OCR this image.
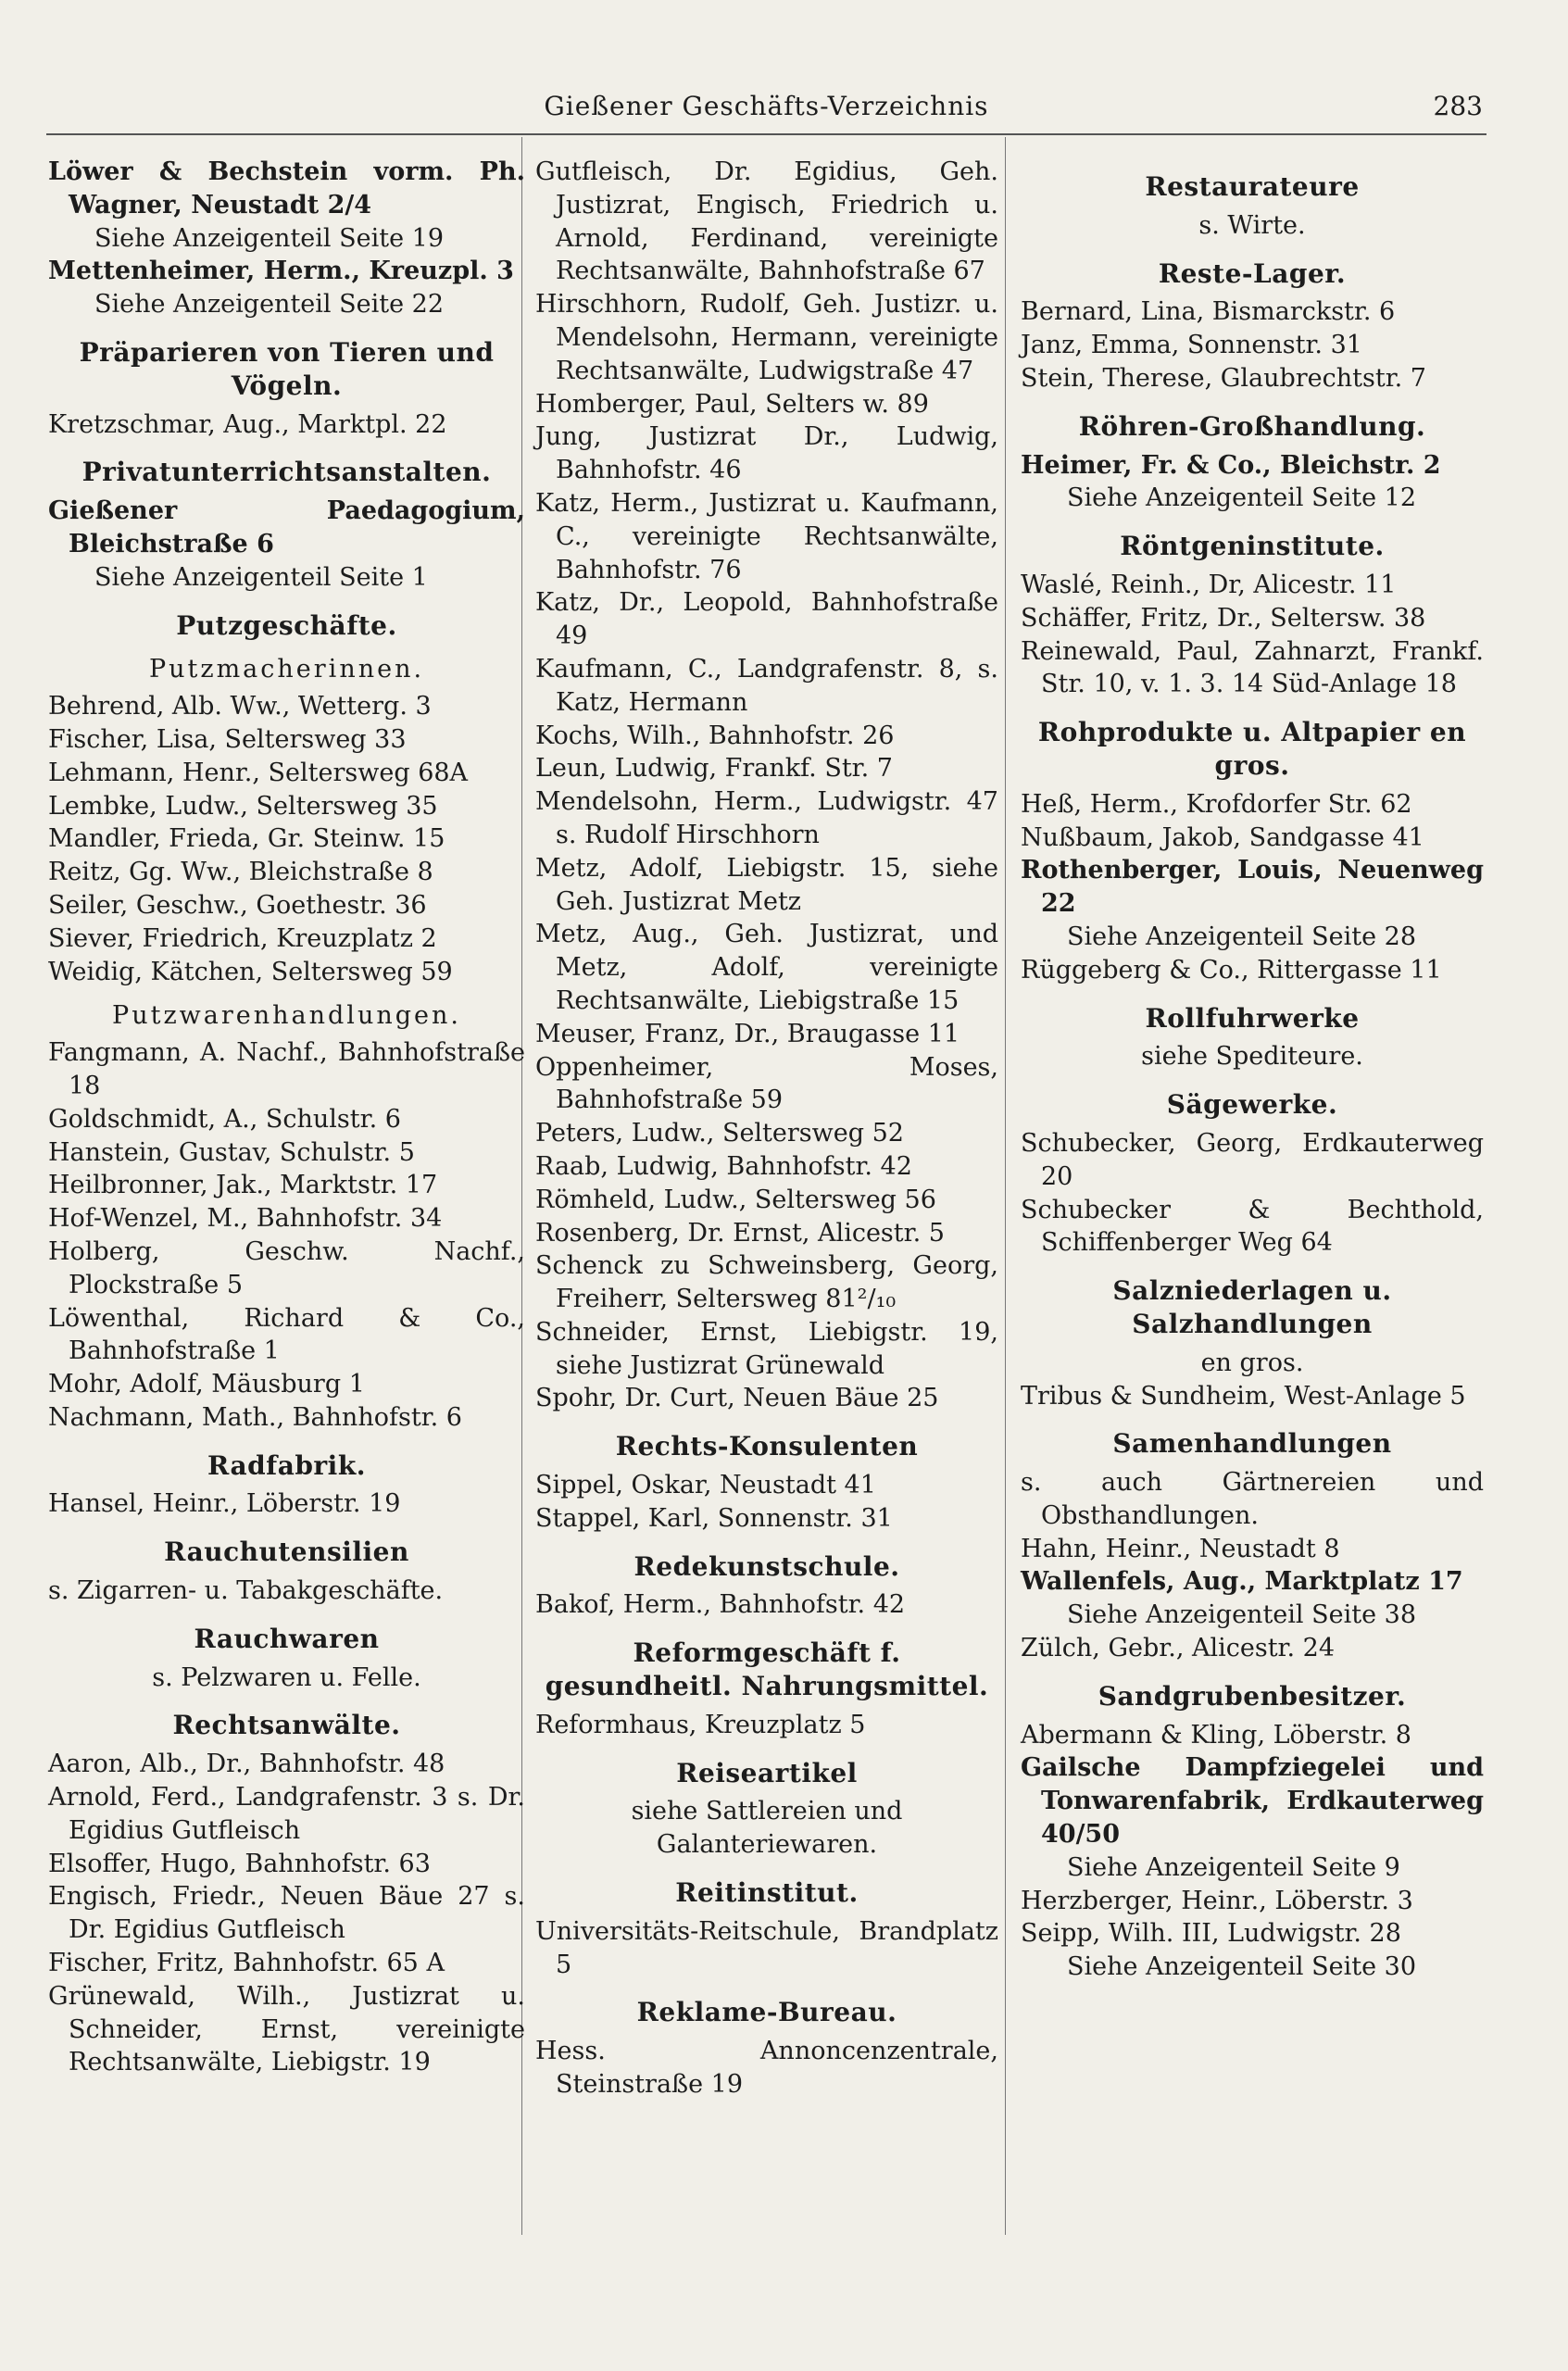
Gießener Geschäfts-Verzeichnis	283

Löwer & Bechstein vorm. Ph. Wagner, Neustadt 2/4

Siehe Anzeigenteil Seite 19

Mettenheimer, Herm., Kreuzpl. 3

Siehe Anzeigenteil Seite 22

Präparieren von Tieren und Vögeln.

Kretzschmar, Aug., Marktpl. 22

Privatunterrichtsanstalten.

Gießener Paedagogium, Bleichstraße 6

Siehe Anzeigenteil Seite 1

Putzgeschäfte.

Putzmacherinnen.

Behrend, Alb. Ww., Wetterg. 3

Fischer, Lisa, Seltersweg 33

Lehmann, Henr., Seltersweg 68A

Lembke, Ludw., Seltersweg 35

Mandler, Frieda, Gr. Steinw. 15

Reitz, Gg. Ww., Bleichstraße 8

Seiler, Geschw., Goethestr. 36

Siever, Friedrich, Kreuzplatz 2

Weidig, Kätchen, Seltersweg 59

Putzwarenhandlungen.

Fangmann, A. Nachf., Bahnhofstraße 18

Goldschmidt, A., Schulstr. 6

Hanstein, Gustav, Schulstr. 5

Heilbronner, Jak., Marktstr. 17

Hof-Wenzel, M., Bahnhofstr. 34

Holberg, Geschw. Nachf., Plockstraße 5

Löwenthal, Richard & Co., Bahnhofstraße 1

Mohr, Adolf, Mäusburg 1

Nachmann, Math., Bahnhofstr. 6

Radfabrik.

Hansel, Heinr., Löberstr. 19

Rauchutensilien

s. Zigarren- u. Tabakgeschäfte.

Rauchwaren

s. Pelzwaren u. Felle.

Rechtsanwälte.

Aaron, Alb., Dr., Bahnhofstr. 48

Arnold, Ferd., Landgrafenstr. 3 s. Dr. Egidius Gutfleisch

Elsoffer, Hugo, Bahnhofstr. 63

Engisch, Friedr., Neuen Bäue 27 s. Dr. Egidius Gutfleisch

Fischer, Fritz, Bahnhofstr. 65 A

Grünewald, Wilh., Justizrat u. Schneider, Ernst, vereinigte Rechtsanwälte, Liebigstr. 19

Gutfleisch, Dr. Egidius, Geh. Justizrat, Engisch, Friedrich u. Arnold, Ferdinand, vereinigte Rechtsanwälte, Bahnhofstraße 67

Hirschhorn, Rudolf, Geh. Justizr. u. Mendelsohn, Hermann, vereinigte Rechtsanwälte, Ludwigstraße 47

Homberger, Paul, Selters w. 89

Jung, Justizrat Dr., Ludwig, Bahnhofstr. 46

Katz, Herm., Justizrat u. Kaufmann, C., vereinigte Rechtsanwälte, Bahnhofstr. 76

Katz, Dr., Leopold, Bahnhofstraße 49

Kaufmann, C., Landgrafenstr. 8, s. Katz, Hermann

Kochs, Wilh., Bahnhofstr. 26

Leun, Ludwig, Frankf. Str. 7

Mendelsohn, Herm., Ludwigstr. 47 s. Rudolf Hirschhorn

Metz, Adolf, Liebigstr. 15, siehe Geh. Justizrat Metz

Metz, Aug., Geh. Justizrat, und Metz, Adolf, vereinigte Rechtsanwälte, Liebigstraße 15

Meuser, Franz, Dr., Braugasse 11

Oppenheimer, Moses, Bahnhofstraße 59

Peters, Ludw., Seltersweg 52

Raab, Ludwig, Bahnhofstr. 42

Römheld, Ludw., Seltersweg 56

Rosenberg, Dr. Ernst, Alicestr. 5

Schenck zu Schweinsberg, Georg, Freiherr, Seltersweg 81²/₁₀

Schneider, Ernst, Liebigstr. 19, siehe Justizrat Grünewald

Spohr, Dr. Curt, Neuen Bäue 25

Rechts-Konsulenten

Sippel, Oskar, Neustadt 41

Stappel, Karl, Sonnenstr. 31

Redekunstschule.

Bakof, Herm., Bahnhofstr. 42

Reformgeschäft f. gesundheitl. Nahrungsmittel.

Reformhaus, Kreuzplatz 5

Reiseartikel

siehe Sattlereien und Galanteriewaren.

Reitinstitut.

Universitäts-Reitschule, Brandplatz 5

Reklame-Bureau.

Hess. Annoncenzentrale, Steinstraße 19

Restaurateure

s. Wirte.

Reste-Lager.

Bernard, Lina, Bismarckstr. 6

Janz, Emma, Sonnenstr. 31

Stein, Therese, Glaubrechtstr. 7

Röhren-Großhandlung.

Heimer, Fr. & Co., Bleichstr. 2

Siehe Anzeigenteil Seite 12

Röntgeninstitute.

Waslé, Reinh., Dr, Alicestr. 11

Schäffer, Fritz, Dr., Seltersw. 38

Reinewald, Paul, Zahnarzt, Frankf. Str. 10, v. 1. 3. 14 Süd-Anlage 18

Rohprodukte u. Altpapier en gros.

Heß, Herm., Krofdorfer Str. 62

Nußbaum, Jakob, Sandgasse 41

Rothenberger, Louis, Neuenweg 22

Siehe Anzeigenteil Seite 28

Rüggeberg & Co., Rittergasse 11

Rollfuhrwerke

siehe Spediteure.

Sägewerke.

Schubecker, Georg, Erdkauterweg 20

Schubecker & Bechthold, Schiffenberger Weg 64

Salzniederlagen u. Salzhandlungen

en gros.

Tribus & Sundheim, West-Anlage 5

Samenhandlungen

s. auch Gärtnereien und Obsthandlungen.

Hahn, Heinr., Neustadt 8

Wallenfels, Aug., Marktplatz 17

Siehe Anzeigenteil Seite 38

Zülch, Gebr., Alicestr. 24

Sandgrubenbesitzer.

Abermann & Kling, Löberstr. 8

Gailsche Dampfziegelei und Tonwarenfabrik, Erdkauterweg 40/50

Siehe Anzeigenteil Seite 9

Herzberger, Heinr., Löberstr. 3

Seipp, Wilh. III, Ludwigstr. 28

Siehe Anzeigenteil Seite 30
